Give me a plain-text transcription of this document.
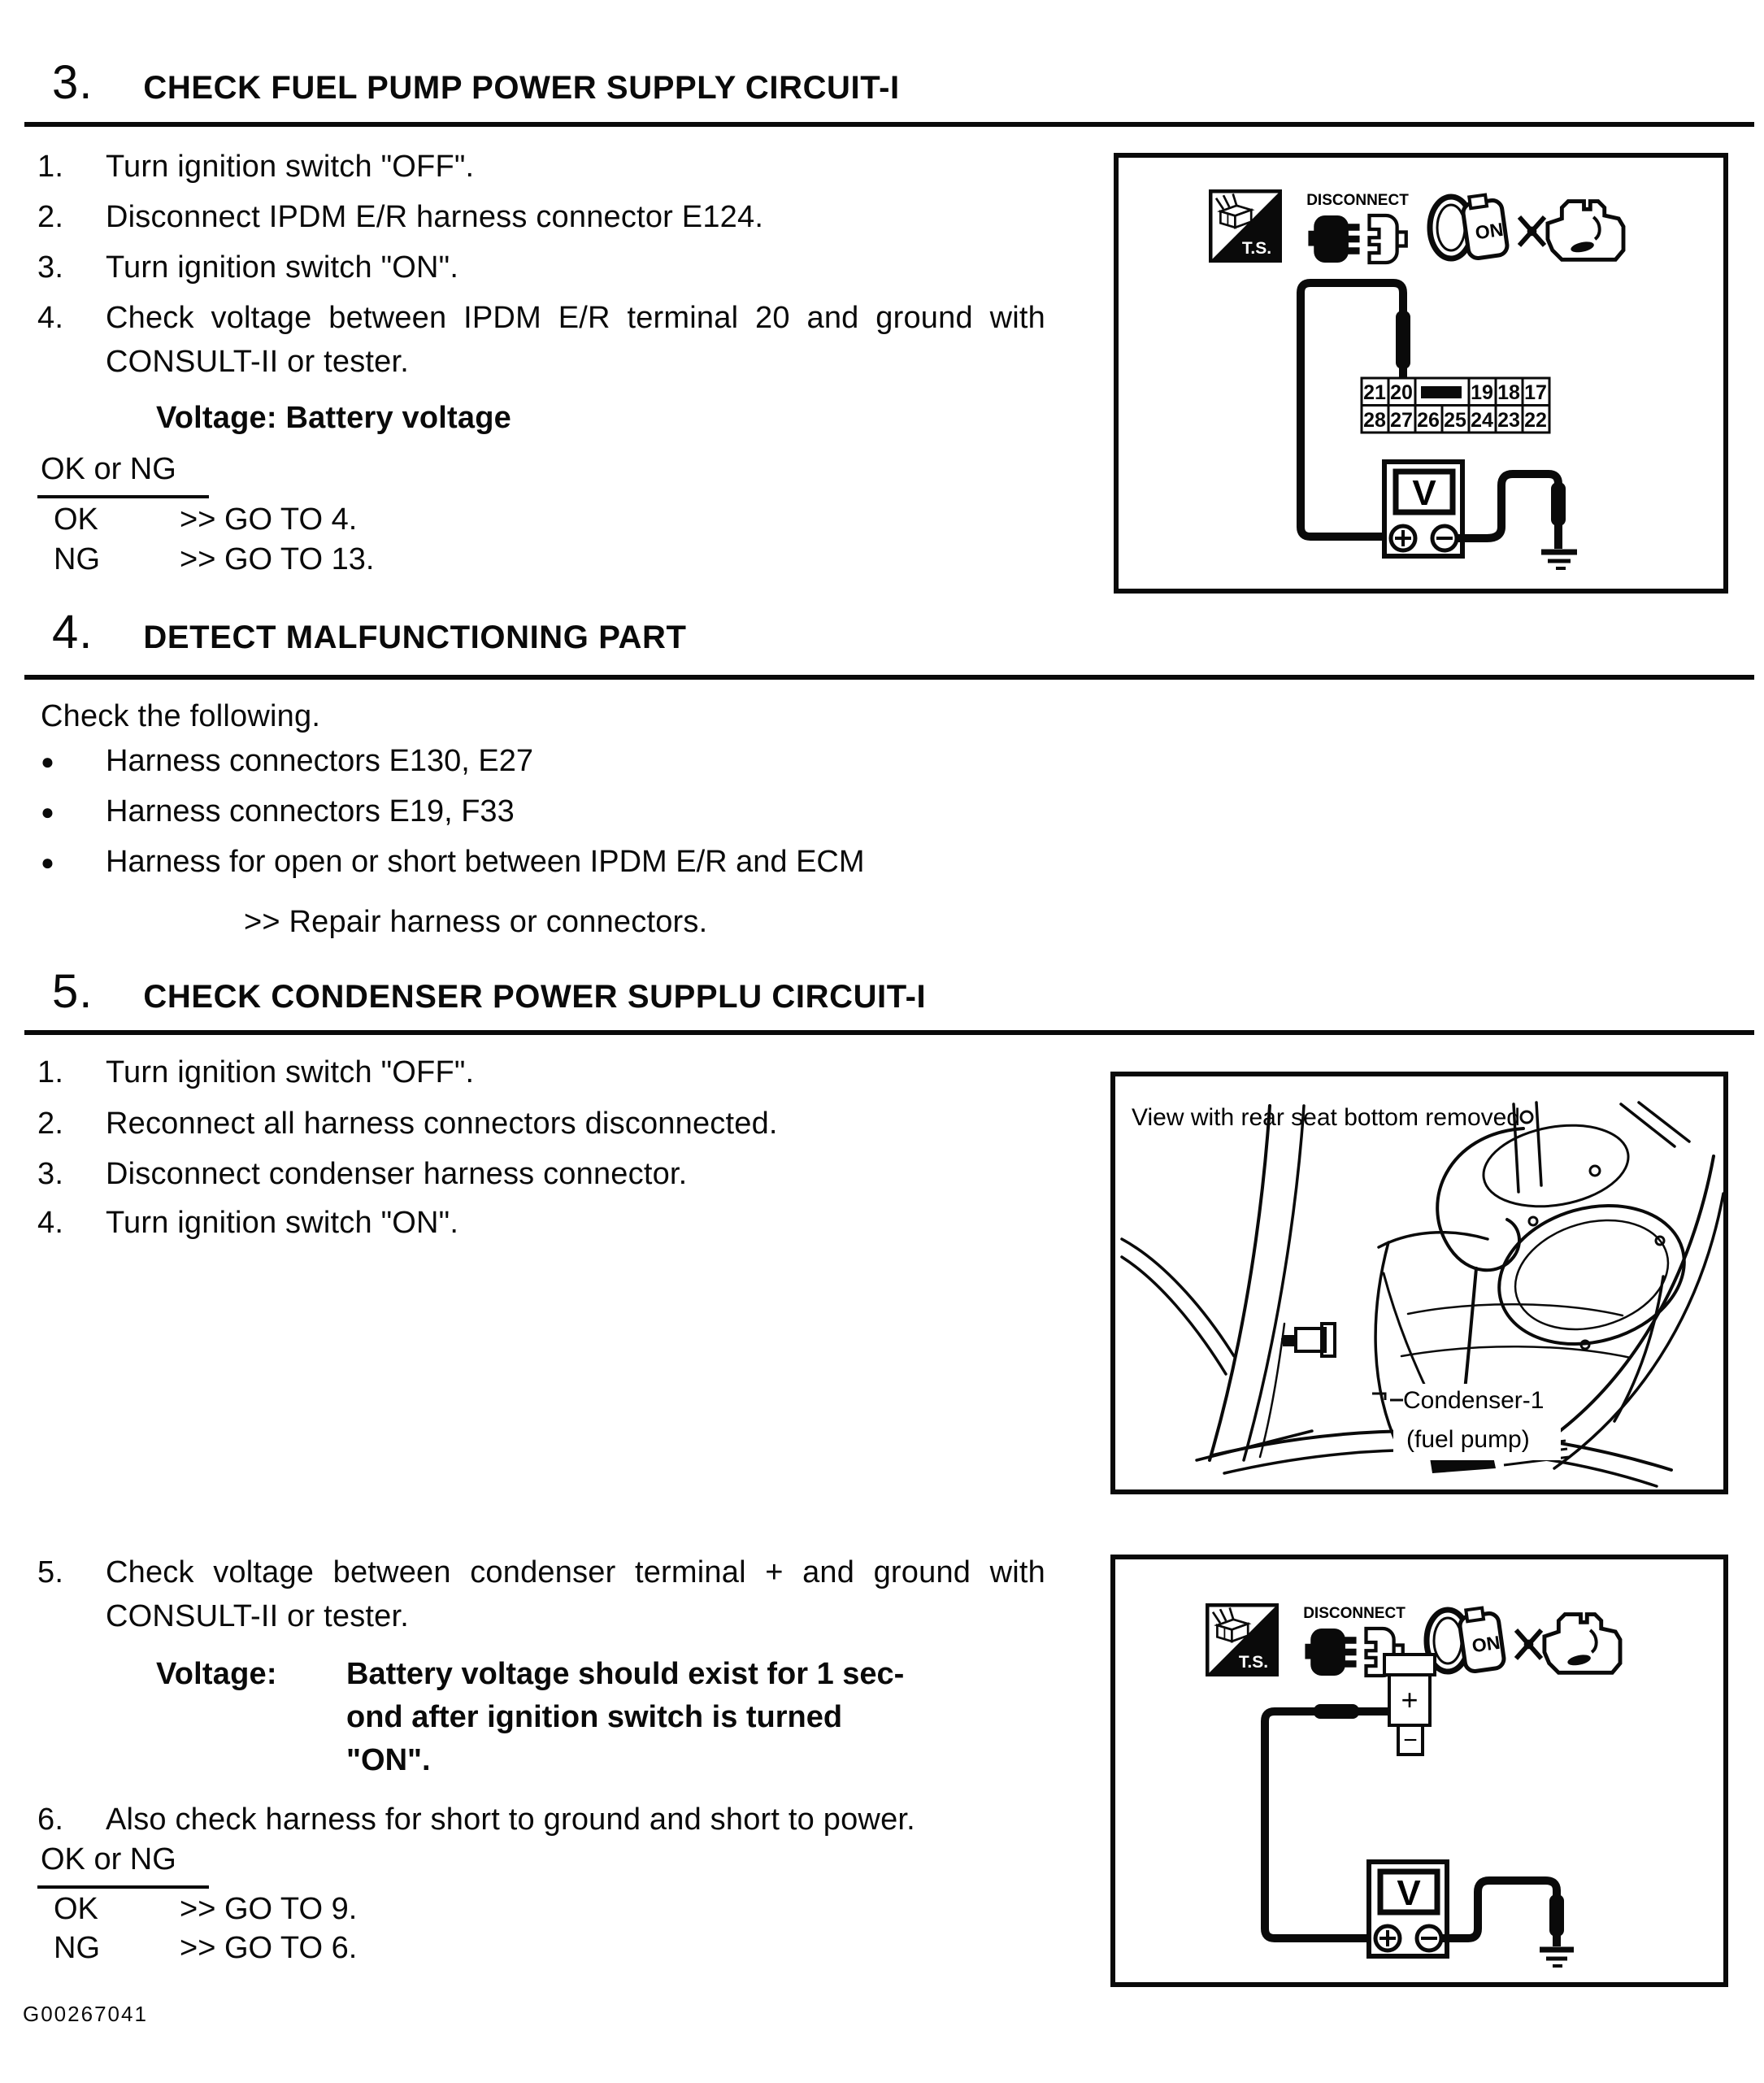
3. CHECK FUEL PUMP POWER SUPPLY CIRCUIT-I
1.	Turn ignition switch "OFF".
2.	Disconnect IPDM E/R harness connector E124.
3.	Turn ignition switch "ON".
4.	Check voltage between IPDM E/R terminal 20 and ground with CONSULT-II or tester.
Voltage: Battery voltage
OK or NG
OK	>> GO TO 4.
NG	>> GO TO 13.
4. DETECT MALFUNCTIONING PART
Check the following.
●
Harness connectors E130, E27
●
Harness connectors E19, F33
●
Harness for open or short between IPDM E/R and ECM
>> Repair harness or connectors.
5. CHECK CONDENSER POWER SUPPLU CIRCUIT-I
1.	Turn ignition switch "OFF".
2.	Reconnect all harness connectors disconnected.
3.	Disconnect condenser harness connector.
4.	Turn ignition switch "ON".
5.	Check voltage between condenser terminal + and ground with CONSULT-II or tester.
Voltage: Battery voltage should exist for 1 sec-
ond after ignition switch is turned
"ON".
6.	Also check harness for short to ground and short to power.
OK or NG
OK	>> GO TO 9.
NG	>> GO TO 6.
G00267041
T.S.
DISCONNECT
ON
21 20	19 18 17
28 27 26 25 24 23 22
V
View with rear seat bottom removed
Condenser-1
(fuel pump)
T.S.
DISCONNECT
ON
+
−
V
